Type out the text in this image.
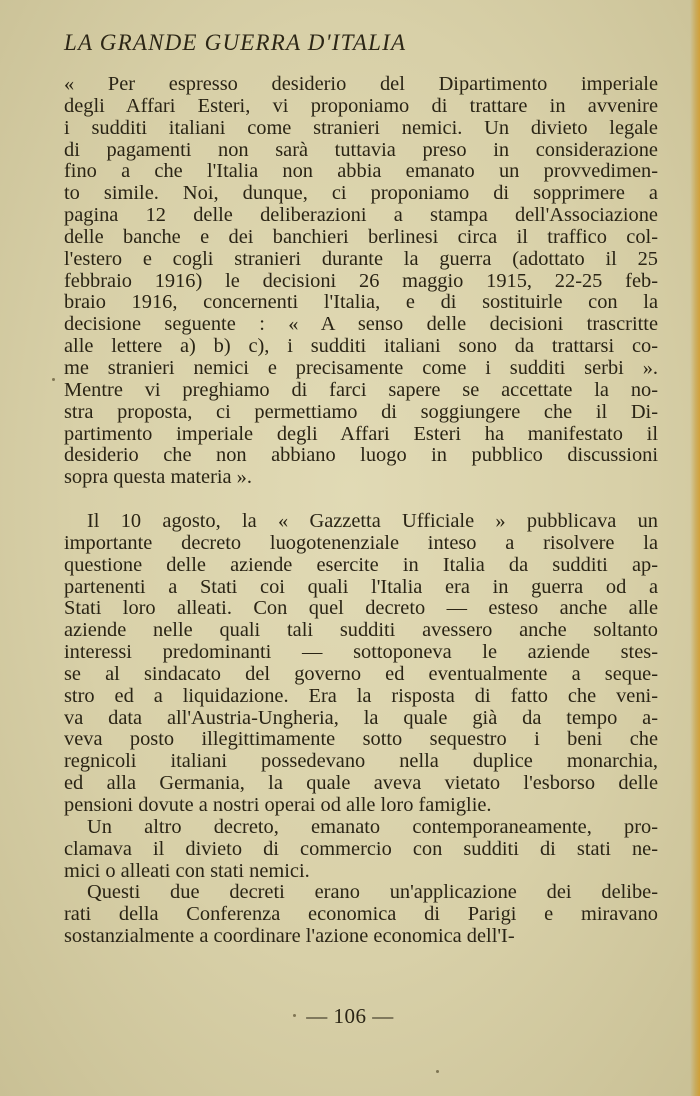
LA GRANDE GUERRA D'ITALIA
« Per espresso desiderio del Dipartimento imperiale
degli Affari Esteri, vi proponiamo di trattare in avvenire
i sudditi italiani come stranieri nemici. Un divieto legale
di pagamenti non sarà tuttavia preso in considerazione
fino a che l'Italia non abbia emanato un provvedimen-
to simile. Noi, dunque, ci proponiamo di sopprimere a
pagina 12 delle deliberazioni a stampa dell'Associazione
delle banche e dei banchieri berlinesi circa il traffico col-
l'estero e cogli stranieri durante la guerra (adottato il 25
febbraio 1916) le decisioni 26 maggio 1915, 22-25 feb-
braio 1916, concernenti l'Italia, e di sostituirle con la
decisione seguente : « A senso delle decisioni trascritte
alle lettere a) b) c), i sudditi italiani sono da trattarsi co-
me stranieri nemici e precisamente come i sudditi serbi ».
Mentre vi preghiamo di farci sapere se accettate la no-
stra proposta, ci permettiamo di soggiungere che il Di-
partimento imperiale degli Affari Esteri ha manifestato il
desiderio che non abbiano luogo in pubblico discussioni
sopra questa materia ».
Il 10 agosto, la « Gazzetta Ufficiale » pubblicava un
importante decreto luogotenenziale inteso a risolvere la
questione delle aziende esercite in Italia da sudditi ap-
partenenti a Stati coi quali l'Italia era in guerra od a
Stati loro alleati. Con quel decreto — esteso anche alle
aziende nelle quali tali sudditi avessero anche soltanto
interessi predominanti — sottoponeva le aziende stes-
se al sindacato del governo ed eventualmente a seque-
stro ed a liquidazione. Era la risposta di fatto che veni-
va data all'Austria-Ungheria, la quale già da tempo a-
veva posto illegittimamente sotto sequestro i beni che
regnicoli italiani possedevano nella duplice monarchia,
ed alla Germania, la quale aveva vietato l'esborso delle
pensioni dovute a nostri operai od alle loro famiglie.
Un altro decreto, emanato contemporaneamente, pro-
clamava il divieto di commercio con sudditi di stati ne-
mici o alleati con stati nemici.
Questi due decreti erano un'applicazione dei delibe-
rati della Conferenza economica di Parigi e miravano
sostanzialmente a coordinare l'azione economica dell'I-
— 106 —
